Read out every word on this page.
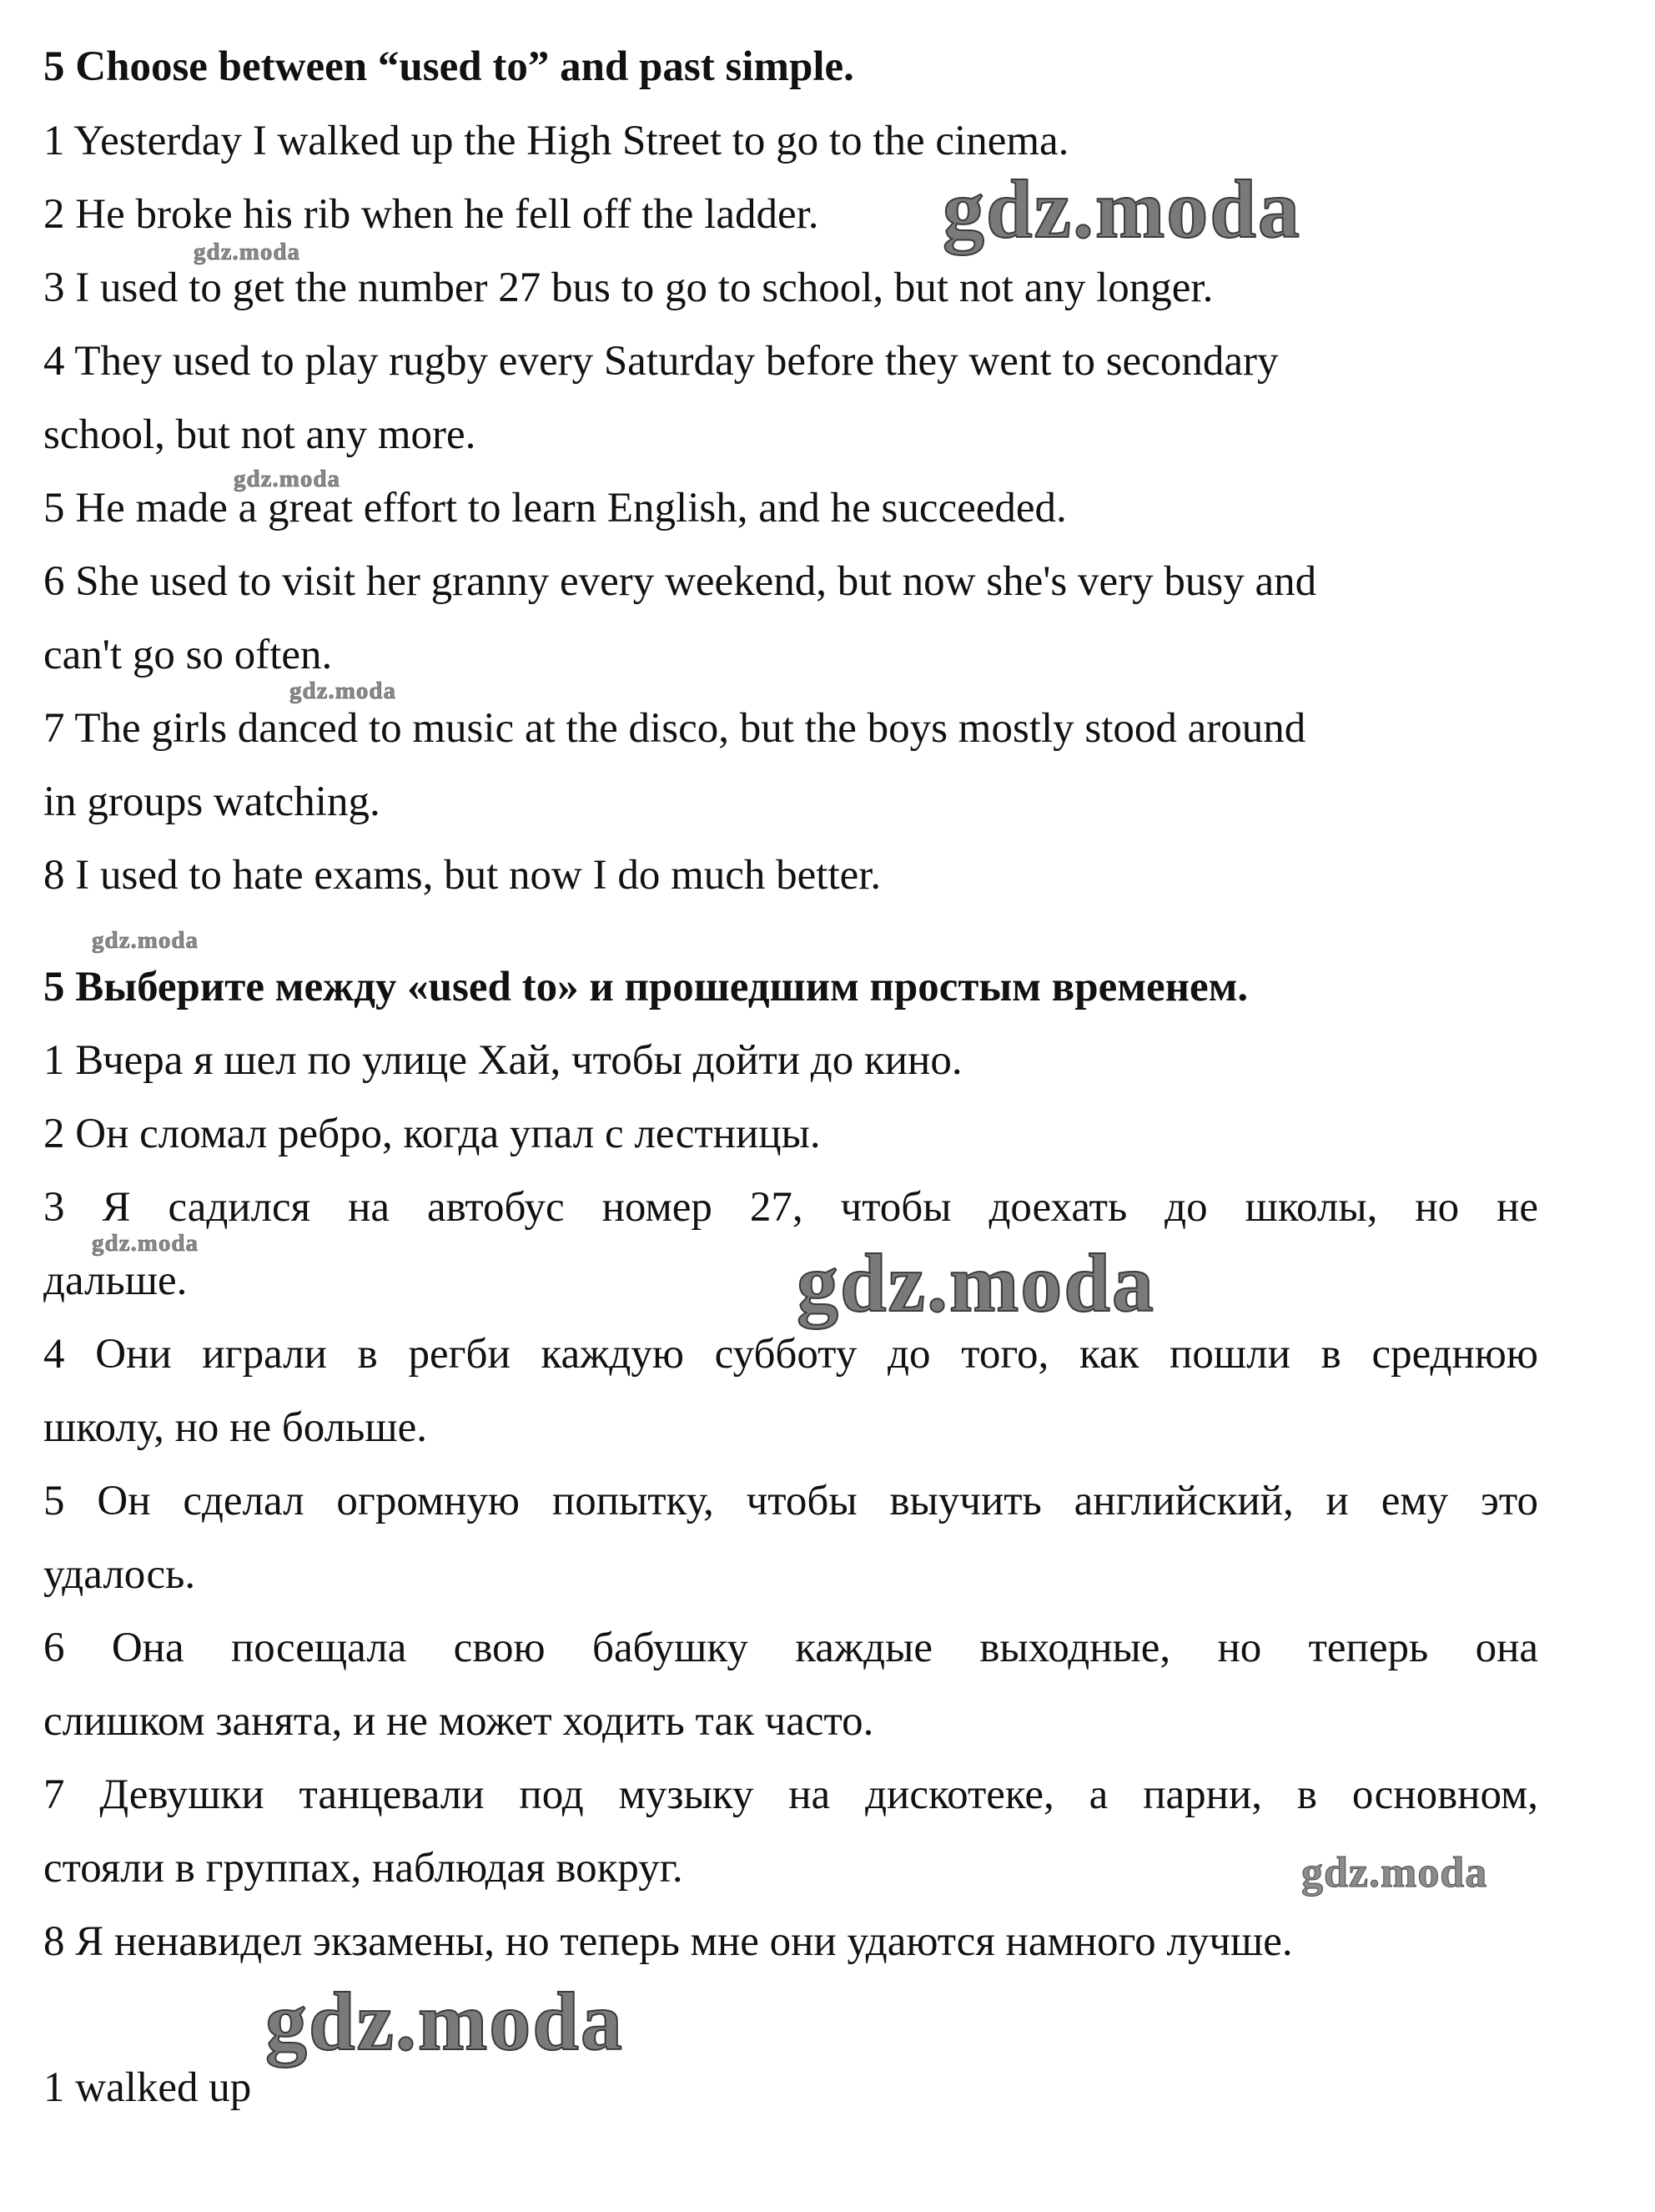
5 Choose between “used to” and past simple.
1 Yesterday I walked up the High Street to go to the cinema.
2 He broke his rib when he fell off the ladder.
3 I used to get the number 27 bus to go to school, but not any longer.
4 They used to play rugby every Saturday before they went to secondary
school, but not any more.
5 He made a great effort to learn English, and he succeeded.
6 She used to visit her granny every weekend, but now she's very busy and
can't go so often.
7 The girls danced to music at the disco, but the boys mostly stood around
in groups watching.
8 I used to hate exams, but now I do much better.
5 Выберите между «used to» и прошедшим простым временем.
1 Вчера я шел по улице Хай, чтобы дойти до кино.
2 Он сломал ребро, когда упал с лестницы.
3 Я садился на автобус номер 27, чтобы доехать до школы, но не
дальше.
4 Они играли в регби каждую субботу до того, как пошли в среднюю
школу, но не больше.
5 Он сделал огромную попытку, чтобы выучить английский, и ему это
удалось.
6 Она посещала свою бабушку каждые выходные, но теперь она
слишком занята, и не может ходить так часто.
7 Девушки танцевали под музыку на дискотеке, а парни, в основном,
стояли в группах, наблюдая вокруг.
8 Я ненавидел экзамены, но теперь мне они удаются намного лучше.
1 walked up
gdz.moda
gdz.moda
gdz.moda
gdz.moda
gdz.moda
gdz.moda	gdz.moda
gdz.moda
gdz.moda
